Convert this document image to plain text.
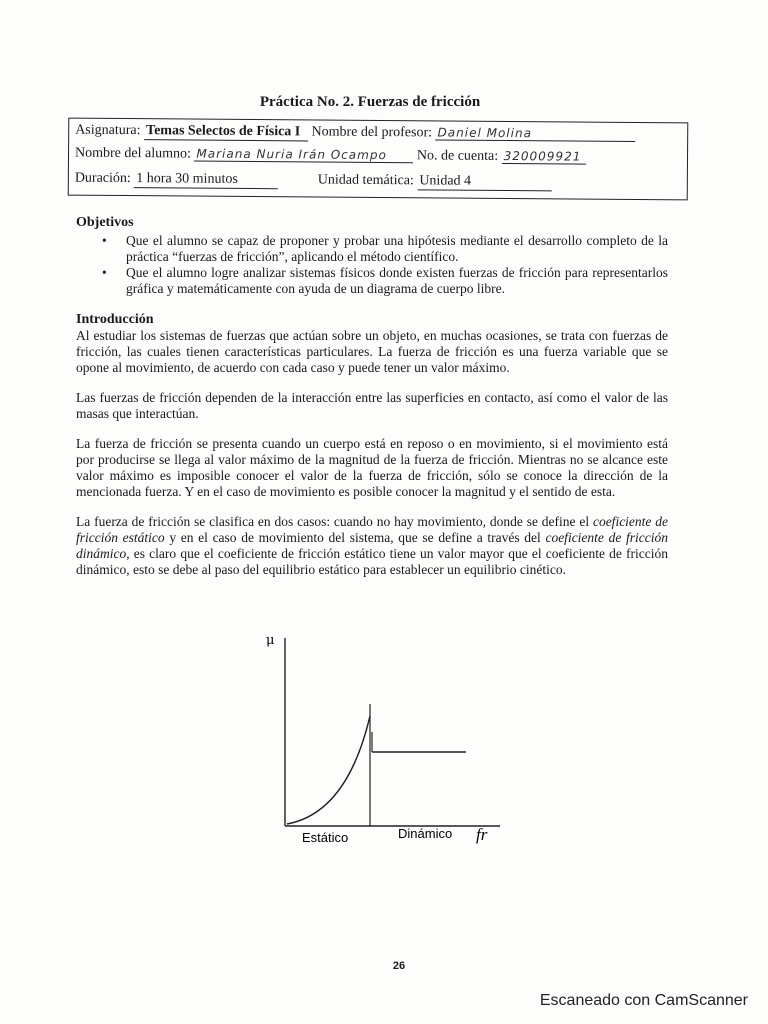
Práctica No. 2. Fuerzas de fricción
Asignatura: Temas Selectos de Física I Nombre del profesor: Daniel Molina
Nombre del alumno: Mariana Nuria Irán Ocampo No. de cuenta: 320009921
Duración: 1 hora 30 minutos	Unidad temática: Unidad 4
Objetivos
• Que el alumno se capaz de proponer y probar una hipótesis mediante el desarrollo completo de la práctica “fuerzas de fricción”, aplicando el método científico.
• Que el alumno logre analizar sistemas físicos donde existen fuerzas de fricción para representarlos gráfica y matemáticamente con ayuda de un diagrama de cuerpo libre.
Introducción

Al estudiar los sistemas de fuerzas que actúan sobre un objeto, en muchas ocasiones, se trata con fuerzas de fricción, las cuales tienen características particulares. La fuerza de fricción es una fuerza variable que se opone al movimiento, de acuerdo con cada caso y puede tener un valor máximo.

Las fuerzas de fricción dependen de la interacción entre las superficies en contacto, así como el valor de las masas que interactúan.

La fuerza de fricción se presenta cuando un cuerpo está en reposo o en movimiento, si el movimiento está por producirse se llega al valor máximo de la magnitud de la fuerza de fricción. Mientras no se alcance este valor máximo es imposible conocer el valor de la fuerza de fricción, sólo se conoce la dirección de la mencionada fuerza. Y en el caso de movimiento es posible conocer la magnitud y el sentido de esta.

La fuerza de fricción se clasifica en dos casos: cuando no hay movimiento, donde se define el coeficiente de fricción estático y en el caso de movimiento del sistema, que se define a través del coeficiente de fricción dinámico, es claro que el coeficiente de fricción estático tiene un valor mayor que el coeficiente de fricción dinámico, esto se debe al paso del equilibrio estático para establecer un equilibrio cinético.

μ
fr
Estático	Dinámico
26
Escaneado con CamScanner
